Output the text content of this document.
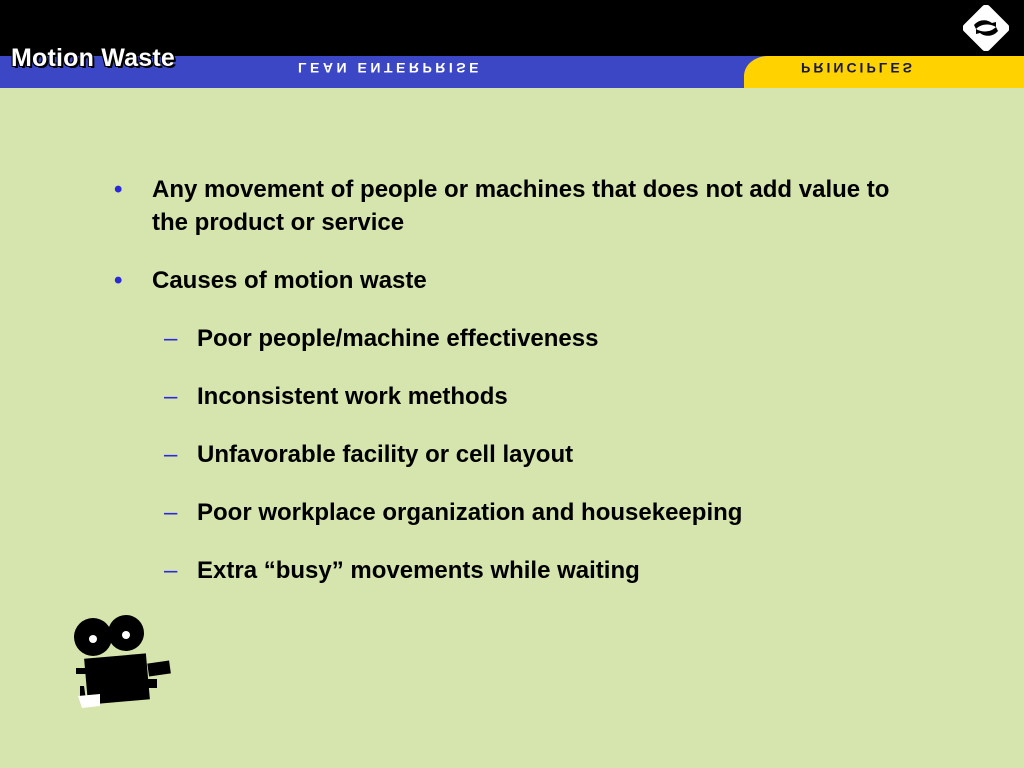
Motion Waste	LEAN ENTERPRISE	PRINCIPLES
• Any movement of people or machines that does not add value to the product or service
• Causes of motion waste
– Poor people/machine effectiveness
– Inconsistent work methods
– Unfavorable facility or cell layout
– Poor workplace organization and housekeeping
– Extra “busy” movements while waiting
